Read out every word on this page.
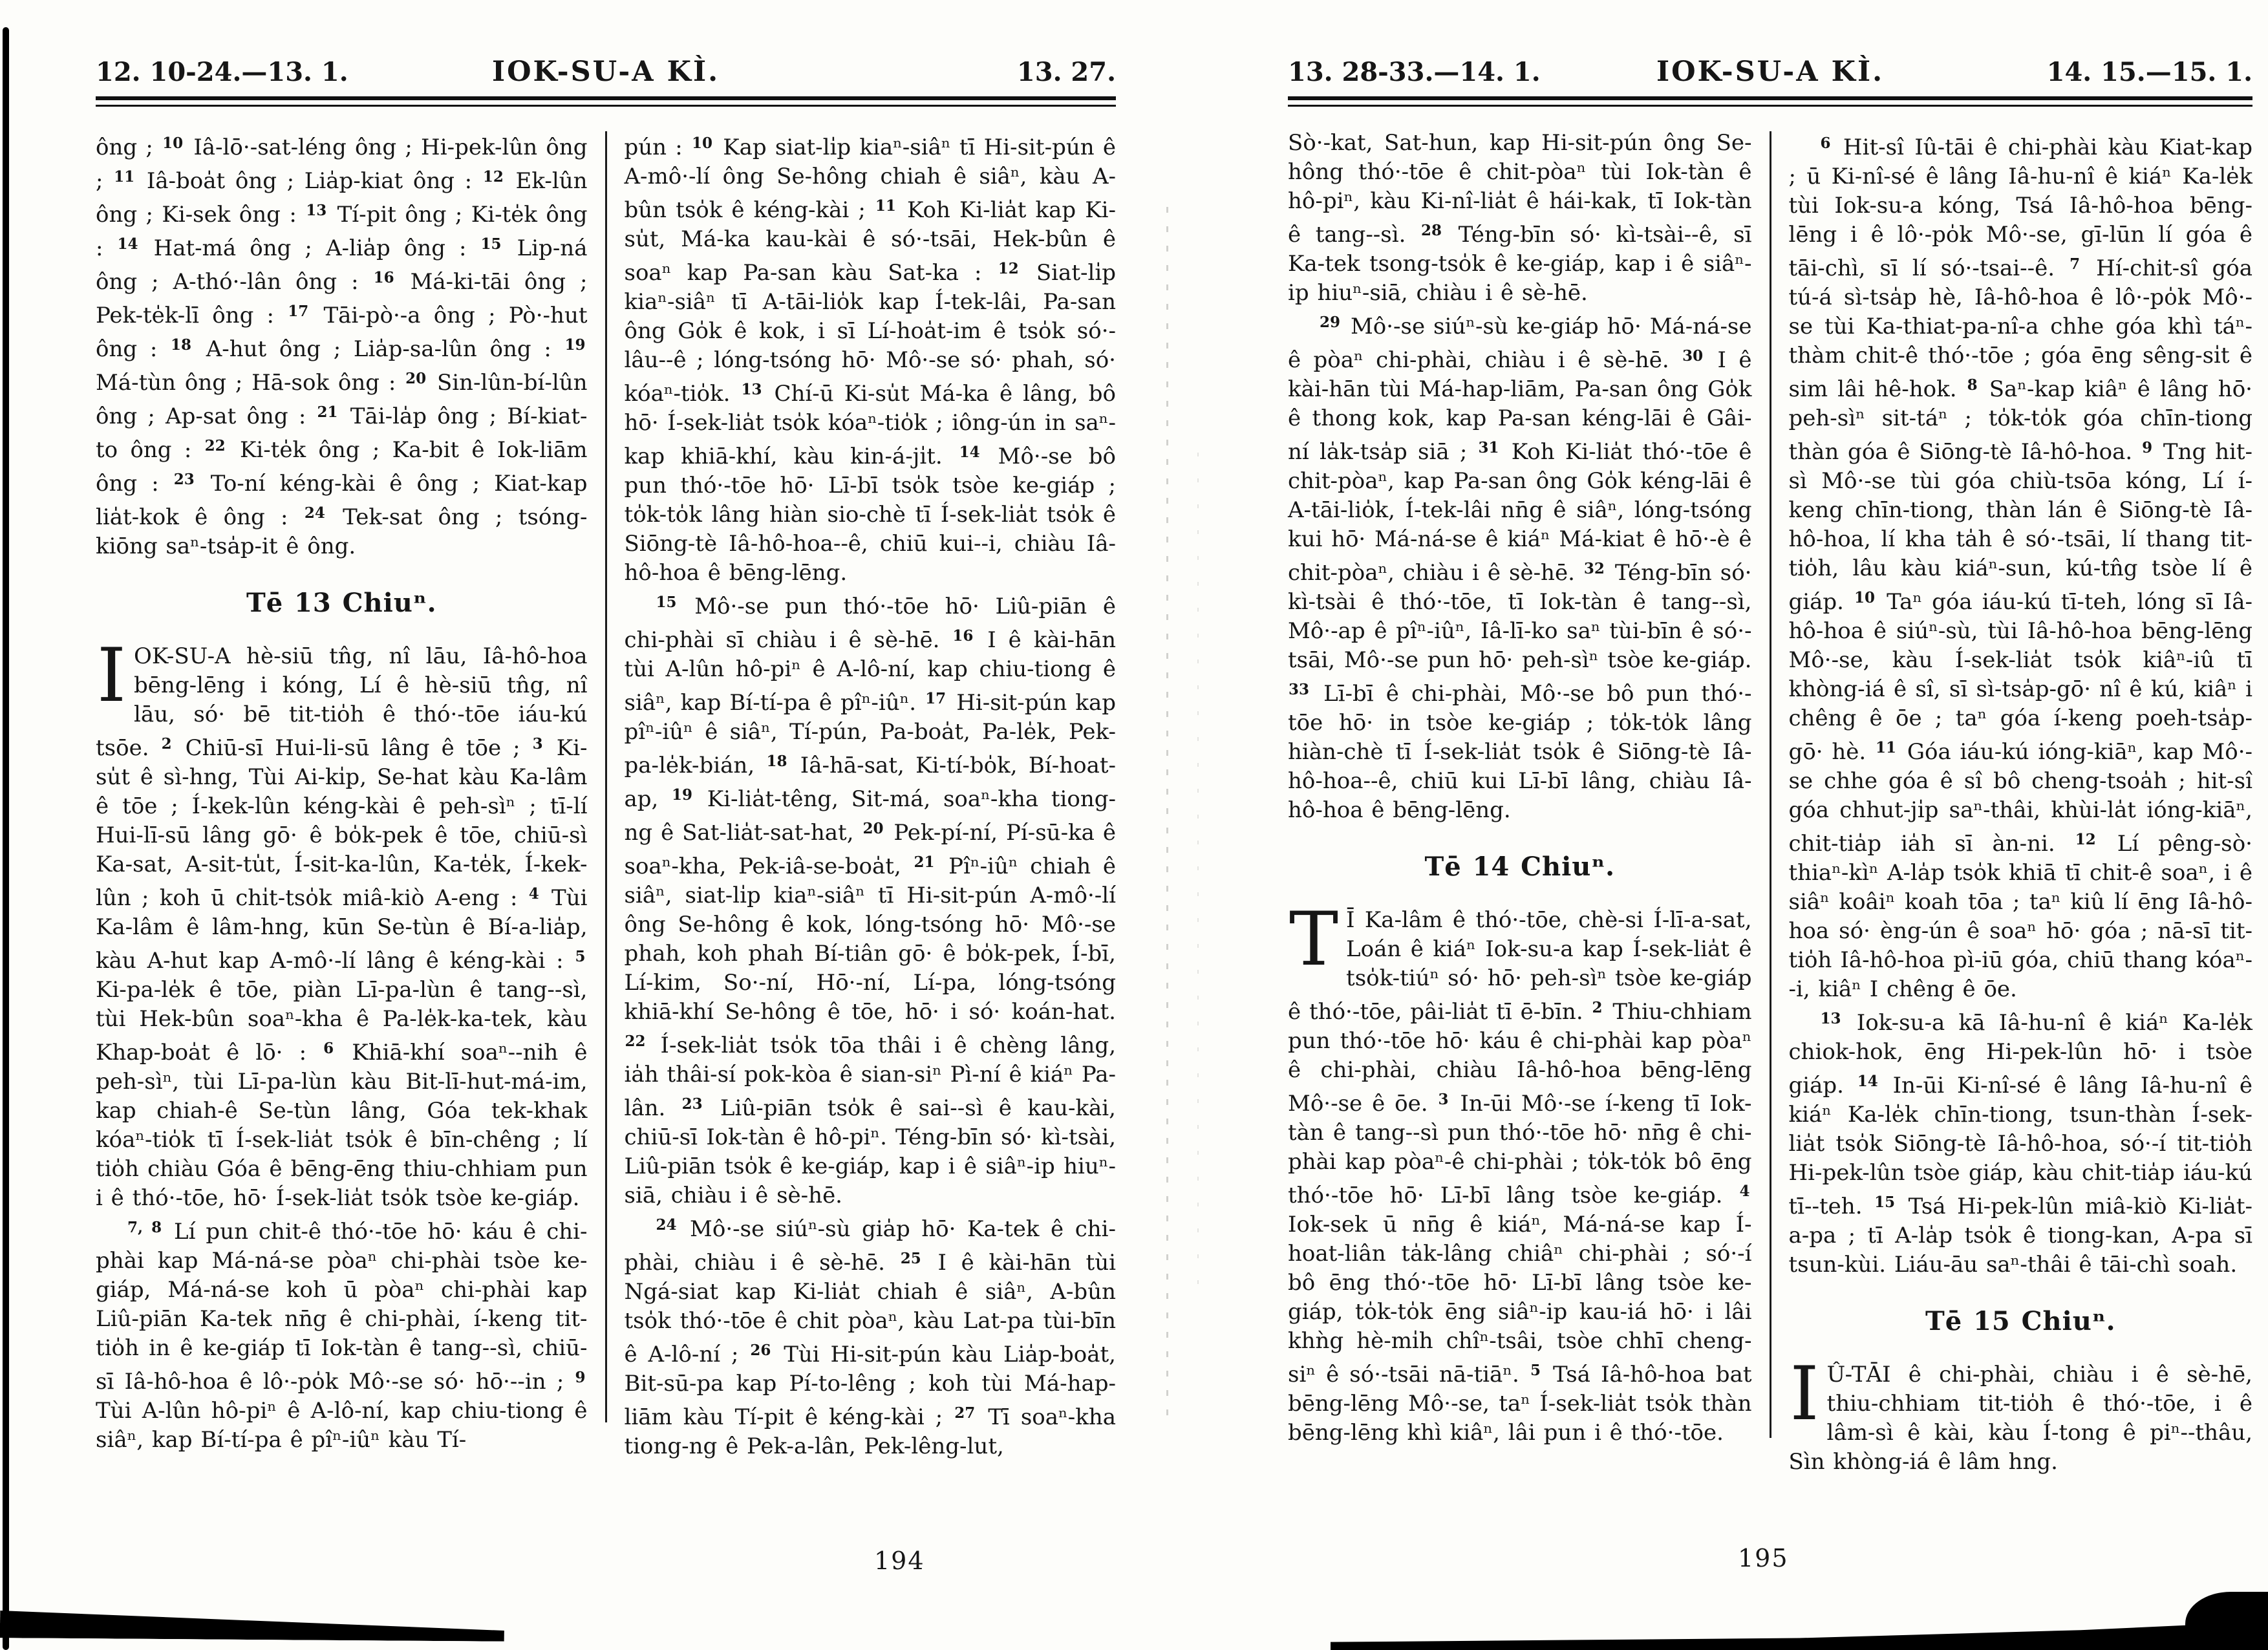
12. 10-24.—13. 1.	IOK-SU-A KÌ.	13. 27.

ông ; $^{10}$ Iâ-lō·-sat-léng ông ; Hi-pek-lûn ông ; $^{11}$ Iâ-boa̍t ông ; Lia̍p-kiat ông : $^{12}$ Ek-lûn ông ; Ki-sek ông : $^{13}$ Tí-pit ông ; Ki-te̍k ông : $^{14}$ Hat-má ông ; A-lia̍p ông : $^{15}$ Lip-ná ông ; A-thó·-lân ông : $^{16}$ Má-ki-tāi ông ; Pek-te̍k-lī ông : $^{17}$ Tāi-pò·-a ông ; Pò·-hut ông : $^{18}$ A-hut ông ; Lia̍p-sa-lûn ông : $^{19}$ Má-tùn ông ; Hā-sok ông : $^{20}$ Sin-lûn-bí-lûn ông ; Ap-sat ông : $^{21}$ Tāi-la̍p ông ; Bí-kiat-to ông : $^{22}$ Ki-te̍k ông ; Ka-bit ê Iok-liām ông : $^{23}$ To-ní kéng-kài ê ông ; Kiat-kap lia̍t-kok ê ông : $^{24}$ Tek-sat ông ; tsóng-kiōng saⁿ-tsa̍p-it ê ông.

Tē 13 Chiuⁿ.

IOK-SU-A hè-siū tn̂g, nî lāu, Iâ-hô-hoa bēng-lēng i kóng, Lí ê hè-siū tn̂g, nî lāu, só· bē tit-tio̍h ê thó·-tōe iáu-kú tsōe. $^2$ Chiū-sī Hui-li-sū lâng ê tōe ; $^3$ Ki-su̍t ê sì-hng, Tùi Ai-ki̍p, Se-hat kàu Ka-lâm ê tōe ; Í-kek-lûn kéng-kài ê peh-sìⁿ ; tī-lí Hui-lī-sū lâng gō· ê bo̍k-pek ê tōe, chiū-sì Ka-sat, A-sit-tu̍t, Í-sit-ka-lûn, Ka-te̍k, Í-kek-lûn ; koh ū chi̍t-tso̍k miâ-kiò A-eng : $^4$ Tùi Ka-lâm ê lâm-hng, kūn Se-tùn ê Bí-a-lia̍p, kàu A-hut kap A-mô·-lí lâng ê kéng-kài : $^5$ Ki-pa-le̍k ê tōe, piàn Lī-pa-lùn ê tang--sì, tùi Hek-bûn soaⁿ-kha ê Pa-le̍k-ka-tek, kàu Khap-boa̍t ê lō· : $^6$ Khiā-khí soaⁿ--nih ê peh-sìⁿ, tùi Lī-pa-lùn kàu Bit-lī-hut-má-im, kap chiah-ê Se-tùn lâng, Góa tek-khak kóaⁿ-tio̍k tī Í-sek-lia̍t tso̍k ê bīn-chêng ; lí tio̍h chiàu Góa ê bēng-ēng thiu-chhiam pun i ê thó·-tōe, hō· Í-sek-lia̍t tso̍k tsòe ke-giáp.

$^{7, 8}$ Lí pun chit-ê thó·-tōe hō· káu ê chi-phài kap Má-ná-se pòaⁿ chi-phài tsòe ke-giáp, Má-ná-se koh ū pòaⁿ chi-phài kap Liû-piān Ka-tek nn̄g ê chi-phài, í-keng tit-tio̍h in ê ke-giáp tī Iok-tàn ê tang--sì, chiū-sī Iâ-hô-hoa ê lô·-po̍k Mô·-se só· hō·--in ; $^9$ Tùi A-lûn hô-piⁿ ê A-lô-ní, kap chiu-tiong ê siâⁿ, kap Bí-tí-pa ê pîⁿ-iûⁿ kàu Tí-

pún : $^{10}$ Kap siat-li̍p kiaⁿ-siâⁿ tī Hi-sit-pún ê A-mô·-lí ông Se-hông chiah ê siâⁿ, kàu A-bûn tso̍k ê kéng-kài ; $^{11}$ Koh Ki-lia̍t kap Ki-su̍t, Má-ka kau-kài ê só·-tsāi, Hek-bûn ê soaⁿ kap Pa-san kàu Sat-ka : $^{12}$ Siat-li̍p kiaⁿ-siâⁿ tī A-tāi-lio̍k kap Í-tek-lâi, Pa-san ông Go̍k ê kok, i sī Lí-hoa̍t-im ê tso̍k só·-lâu--ê ; lóng-tsóng hō· Mô·-se só· phah, só· kóaⁿ-tio̍k. $^{13}$ Chí-ū Ki-su̍t Má-ka ê lâng, bô hō· Í-sek-lia̍t tso̍k kóaⁿ-tio̍k ; iông-ún in saⁿ-kap khiā-khí, kàu kin-á-ji̍t. $^{14}$ Mô·-se bô pun thó·-tōe hō· Lī-bī tso̍k tsòe ke-giáp ; to̍k-to̍k lâng hiàn sio-chè tī Í-sek-lia̍t tso̍k ê Siōng-tè Iâ-hô-hoa--ê, chiū kui--i, chiàu Iâ-hô-hoa ê bēng-lēng.

$^{15}$ Mô·-se pun thó·-tōe hō· Liû-piān ê chi-phài sī chiàu i ê sè-hē. $^{16}$ I ê kài-hān tùi A-lûn hô-piⁿ ê A-lô-ní, kap chiu-tiong ê siâⁿ, kap Bí-tí-pa ê pîⁿ-iûⁿ. $^{17}$ Hi-sit-pún kap pîⁿ-iûⁿ ê siâⁿ, Tí-pún, Pa-boa̍t, Pa-le̍k, Pek-pa-le̍k-bián, $^{18}$ Iâ-hā-sat, Ki-tí-bo̍k, Bí-hoat-ap, $^{19}$ Ki-lia̍t-têng, Sit-má, soaⁿ-kha tiong-ng ê Sat-lia̍t-sat-hat, $^{20}$ Pek-pí-ní, Pí-sū-ka ê soaⁿ-kha, Pek-iâ-se-boa̍t, $^{21}$ Pîⁿ-iûⁿ chiah ê siâⁿ, siat-li̍p kiaⁿ-siâⁿ tī Hi-sit-pún A-mô·-lí ông Se-hông ê kok, lóng-tsóng hō· Mô·-se phah, koh phah Bí-tiân gō· ê bo̍k-pek, Í-bī, Lí-kim, So·-ní, Hō·-ní, Lí-pa, lóng-tsóng khiā-khí Se-hông ê tōe, hō· i só· koán-hat. $^{22}$ Í-sek-lia̍t tso̍k tōa thâi i ê chèng lâng, ia̍h thâi-sí pok-kòa ê sian-siⁿ Pì-ní ê kiáⁿ Pa-lân. $^{23}$ Liû-piān tso̍k ê sai--sì ê kau-kài, chiū-sī Iok-tàn ê hô-piⁿ. Téng-bīn só· kì-tsài, Liû-piān tso̍k ê ke-giáp, kap i ê siâⁿ-ip hiuⁿ-siā, chiàu i ê sè-hē.

$^{24}$ Mô·-se siúⁿ-sù gia̍p hō· Ka-tek ê chi-phài, chiàu i ê sè-hē. $^{25}$ I ê kài-hān tùi Ngá-siat kap Ki-lia̍t chiah ê siâⁿ, A-bûn tso̍k thó·-tōe ê chit pòaⁿ, kàu Lat-pa tùi-bīn ê A-lô-ní ; $^{26}$ Tùi Hi-sit-pún kàu Lia̍p-boa̍t, Bit-sū-pa kap Pí-to-lêng ; koh tùi Má-hap-liām kàu Tí-pit ê kéng-kài ; $^{27}$ Tī soaⁿ-kha tiong-ng ê Pek-a-lân, Pek-lêng-lut,

13. 28-33.—14. 1.	IOK-SU-A KÌ.	14. 15.—15. 1.

Sò·-kat, Sat-hun, kap Hi-sit-pún ông Se-hông thó·-tōe ê chit-pòaⁿ tùi Iok-tàn ê hô-piⁿ, kàu Ki-nî-lia̍t ê hái-kak, tī Iok-tàn ê tang--sì. $^{28}$ Téng-bīn só· kì-tsài--ê, sī Ka-tek tsong-tso̍k ê ke-giáp, kap i ê siâⁿ-ip hiuⁿ-siā, chiàu i ê sè-hē.

$^{29}$ Mô·-se siúⁿ-sù ke-giáp hō· Má-ná-se ê pòaⁿ chi-phài, chiàu i ê sè-hē. $^{30}$ I ê kài-hān tùi Má-hap-liām, Pa-san ông Go̍k ê thong kok, kap Pa-san kéng-lāi ê Gâi-ní la̍k-tsa̍p siā ; $^{31}$ Koh Ki-lia̍t thó·-tōe ê chit-pòaⁿ, kap Pa-san ông Go̍k kéng-lāi ê A-tāi-lio̍k, Í-tek-lâi nn̄g ê siâⁿ, lóng-tsóng kui hō· Má-ná-se ê kiáⁿ Má-kiat ê hō·-è ê chit-pòaⁿ, chiàu i ê sè-hē. $^{32}$ Téng-bīn só· kì-tsài ê thó·-tōe, tī Iok-tàn ê tang--sì, Mô·-ap ê pîⁿ-iûⁿ, Iâ-lī-ko saⁿ tùi-bīn ê só·-tsāi, Mô·-se pun hō· peh-sìⁿ tsòe ke-giáp. $^{33}$ Lī-bī ê chi-phài, Mô·-se bô pun thó·-tōe hō· in tsòe ke-giáp ; to̍k-to̍k lâng hiàn-chè tī Í-sek-lia̍t tso̍k ê Siōng-tè Iâ-hô-hoa--ê, chiū kui Lī-bī lâng, chiàu Iâ-hô-hoa ê bēng-lēng.

Tē 14 Chiuⁿ.

T Ī Ka-lâm ê thó·-tōe, chè-si Í-lī-a-sat, Loán ê kiáⁿ Iok-su-a kap Í-sek-lia̍t ê tso̍k-tiúⁿ só· hō· peh-sìⁿ tsòe ke-giáp ê thó·-tōe, pâi-lia̍t tī ē-bīn. $^2$ Thiu-chhiam pun thó·-tōe hō· káu ê chi-phài kap pòaⁿ ê chi-phài, chiàu Iâ-hô-hoa bēng-lēng Mô·-se ê ōe. $^3$ In-ūi Mô·-se í-keng tī Iok-tàn ê tang--sì pun thó·-tōe hō· nn̄g ê chi-phài kap pòaⁿ-ê chi-phài ; to̍k-to̍k bô ēng thó·-tōe hō· Lī-bī lâng tsòe ke-giáp. $^4$ Iok-sek ū nn̄g ê kiáⁿ, Má-ná-se kap Í-hoat-liân ta̍k-lâng chiâⁿ chi-phài ; só·-í bô ēng thó·-tōe hō· Lī-bī lâng tsòe ke-giáp, to̍k-to̍k ēng siâⁿ-ip kau-iá hō· i lâi khǹg hè-mi̍h chîⁿ-tsâi, tsòe chhī cheng-siⁿ ê só·-tsāi nā-tiāⁿ. $^5$ Tsá Iâ-hô-hoa bat bēng-lēng Mô·-se, taⁿ Í-sek-lia̍t tso̍k thàn bēng-lēng khì kiâⁿ, lâi pun i ê thó·-tōe.

$^6$ Hit-sî Iû-tāi ê chi-phài kàu Kiat-kap ; ū Ki-nî-sé ê lâng Iâ-hu-nî ê kiáⁿ Ka-le̍k tùi Iok-su-a kóng, Tsá Iâ-hô-hoa bēng-lēng i ê lô·-po̍k Mô·-se, gī-lūn lí góa ê tāi-chì, sī lí só·-tsai--ê. $^7$ Hí-chit-sî góa tú-á sì-tsa̍p hè, Iâ-hô-hoa ê lô·-po̍k Mô·-se tùi Ka-thiat-pa-nî-a chhe góa khì táⁿ-thàm chit-ê thó·-tōe ; góa ēng sêng-si̍t ê sim lâi hê-hok. $^8$ Saⁿ-kap kiâⁿ ê lâng hō· peh-sìⁿ sit-táⁿ ; to̍k-to̍k góa chīn-tiong thàn góa ê Siōng-tè Iâ-hô-hoa. $^9$ Tng hit-sì Mô·-se tùi góa chiù-tsōa kóng, Lí í-keng chīn-tiong, thàn lán ê Siōng-tè Iâ-hô-hoa, lí kha ta̍h ê só·-tsāi, lí thang tit-tio̍h, lâu kàu kiáⁿ-sun, kú-tn̂g tsòe lí ê giáp. $^{10}$ Taⁿ góa iáu-kú tī-teh, lóng sī Iâ-hô-hoa ê siúⁿ-sù, tùi Iâ-hô-hoa bēng-lēng Mô·-se, kàu Í-sek-lia̍t tso̍k kiâⁿ-iû tī khòng-iá ê sî, sī sì-tsa̍p-gō· nî ê kú, kiâⁿ i chêng ê ōe ; taⁿ góa í-keng poeh-tsa̍p-gō· hè. $^{11}$ Góa iáu-kú ióng-kiāⁿ, kap Mô·-se chhe góa ê sî bô cheng-tsoa̍h ; hit-sî góa chhut-ji̍p saⁿ-thâi, khùi-la̍t ióng-kiāⁿ, chit-tia̍p ia̍h sī àn-ni. $^{12}$ Lí pêng-sò· thiaⁿ-kìⁿ A-la̍p tso̍k khiā tī chit-ê soaⁿ, i ê siâⁿ koâiⁿ koah tōa ; taⁿ kiû lí ēng Iâ-hô-hoa só· èng-ún ê soaⁿ hō· góa ; nā-sī tit-tio̍h Iâ-hô-hoa pì-iū góa, chiū thang kóaⁿ--i, kiâⁿ I chêng ê ōe.

$^{13}$ Iok-su-a kā Iâ-hu-nî ê kiáⁿ Ka-le̍k chiok-hok, ēng Hi-pek-lûn hō· i tsòe giáp. $^{14}$ In-ūi Ki-nî-sé ê lâng Iâ-hu-nî ê kiáⁿ Ka-le̍k chīn-tiong, tsun-thàn Í-sek-lia̍t tso̍k Siōng-tè Iâ-hô-hoa, só·-í tit-tio̍h Hi-pek-lûn tsòe giáp, kàu chit-tia̍p iáu-kú tī--teh. $^{15}$ Tsá Hi-pek-lûn miâ-kiò Ki-lia̍t-a-pa ; tī A-la̍p tso̍k ê tiong-kan, A-pa sī tsun-kùi. Liáu-āu saⁿ-thâi ê tāi-chì soah.

Tē 15 Chiuⁿ.

I Û-TĀI ê chi-phài, chiàu i ê sè-hē, thiu-chhiam tit-tio̍h ê thó·-tōe, i ê lâm-sì ê kài, kàu Í-tong ê piⁿ--thâu, Sìn khòng-iá ê lâm hng.

194	195
